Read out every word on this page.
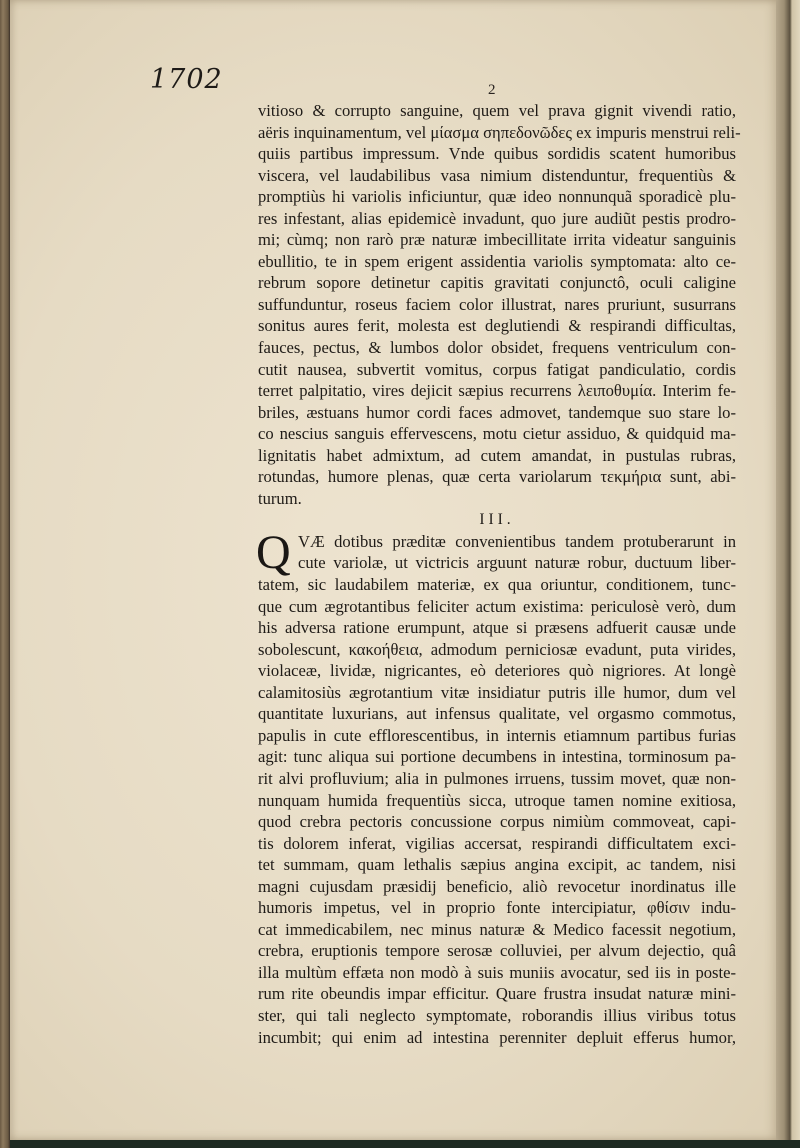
1702	2
vitioso & corrupto sanguine, quem vel prava gignit vivendi ratio,
aëris inquinamentum, vel μίασμα σηπεδονῶδες ex impuris menstrui reli-
quiis partibus impressum. Vnde quibus sordidis scatent humoribus
viscera, vel laudabilibus vasa nimium distenduntur, frequentiùs &
promptiùs hi variolis inficiuntur, quæ ideo nonnunquã sporadicè plu-
res infestant, alias epidemicè invadunt, quo jure audiũt pestis prodro-
mi; cùmq; non rarò præ naturæ imbecillitate irrita videatur sanguinis
ebullitio, te in spem erigent assidentia variolis symptomata: alto ce-
rebrum sopore detinetur capitis gravitati conjunctô, oculi caligine
suffunduntur, roseus faciem color illustrat, nares pruriunt, susurrans
sonitus aures ferit, molesta est deglutiendi & respirandi difficultas,
fauces, pectus, & lumbos dolor obsidet, frequens ventriculum con-
cutit nausea, subvertit vomitus, corpus fatigat pandiculatio, cordis
terret palpitatio, vires dejicit sæpius recurrens λειποθυμία. Interim fe-
briles, æstuans humor cordi faces admovet, tandemque suo stare lo-
co nescius sanguis effervescens, motu cietur assiduo, & quidquid ma-
lignitatis habet admixtum, ad cutem amandat, in pustulas rubras,
rotundas, humore plenas, quæ certa variolarum τεκμήρια sunt, abi-
turum.
III.
Q VÆ dotibus præditæ convenientibus tandem protuberarunt in
cute variolæ, ut victricis arguunt naturæ robur, ductuum liber-
tatem, sic laudabilem materiæ, ex qua oriuntur, conditionem, tunc-
que cum ægrotantibus feliciter actum existima: periculosè verò, dum
his adversa ratione erumpunt, atque si præsens adfuerit causæ unde
sobolescunt, κακοήθεια, admodum perniciosæ evadunt, puta virides,
violaceæ, lividæ, nigricantes, eò deteriores quò nigriores. At longè
calamitosiùs ægrotantium vitæ insidiatur putris ille humor, dum vel
quantitate luxurians, aut infensus qualitate, vel orgasmo commotus,
papulis in cute efflorescentibus, in internis etiamnum partibus furias
agit: tunc aliqua sui portione decumbens in intestina, torminosum pa-
rit alvi profluvium; alia in pulmones irruens, tussim movet, quæ non-
nunquam humida frequentiùs sicca, utroque tamen nomine exitiosa,
quod crebra pectoris concussione corpus nimiùm commoveat, capi-
tis dolorem inferat, vigilias accersat, respirandi difficultatem exci-
tet summam, quam lethalis sæpius angina excipit, ac tandem, nisi
magni cujusdam præsidij beneficio, aliò revocetur inordinatus ille
humoris impetus, vel in proprio fonte intercipiatur, φθίσιν indu-
cat immedicabilem, nec minus naturæ & Medico facessit negotium,
crebra, eruptionis tempore serosæ colluviei, per alvum dejectio, quâ
illa multùm effæta non modò à suis muniis avocatur, sed iis in poste-
rum rite obeundis impar efficitur. Quare frustra insudat naturæ mini-
ster, qui tali neglecto symptomate, roborandis illius viribus totus
incumbit; qui enim ad intestina perenniter depluit efferus humor,
